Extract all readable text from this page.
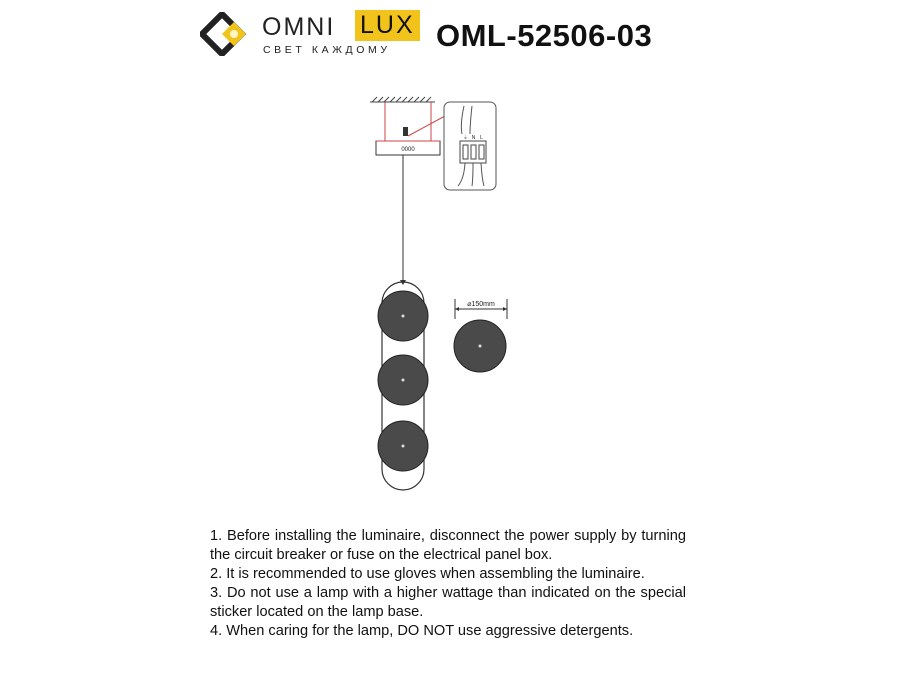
OMNI LUX
СВЕТ КАЖДОМУ OML-52506-03
0000
⏚ N L
⌀150mm

1. Before installing the luminaire, disconnect the power supply by turning the circuit breaker or fuse on the electrical panel box.

2. It is recommended to use gloves when assembling the luminaire.

3. Do not use a lamp with a higher wattage than indicated on the special sticker located on the lamp base.

4. When caring for the lamp, DO NOT use aggressive detergents.
